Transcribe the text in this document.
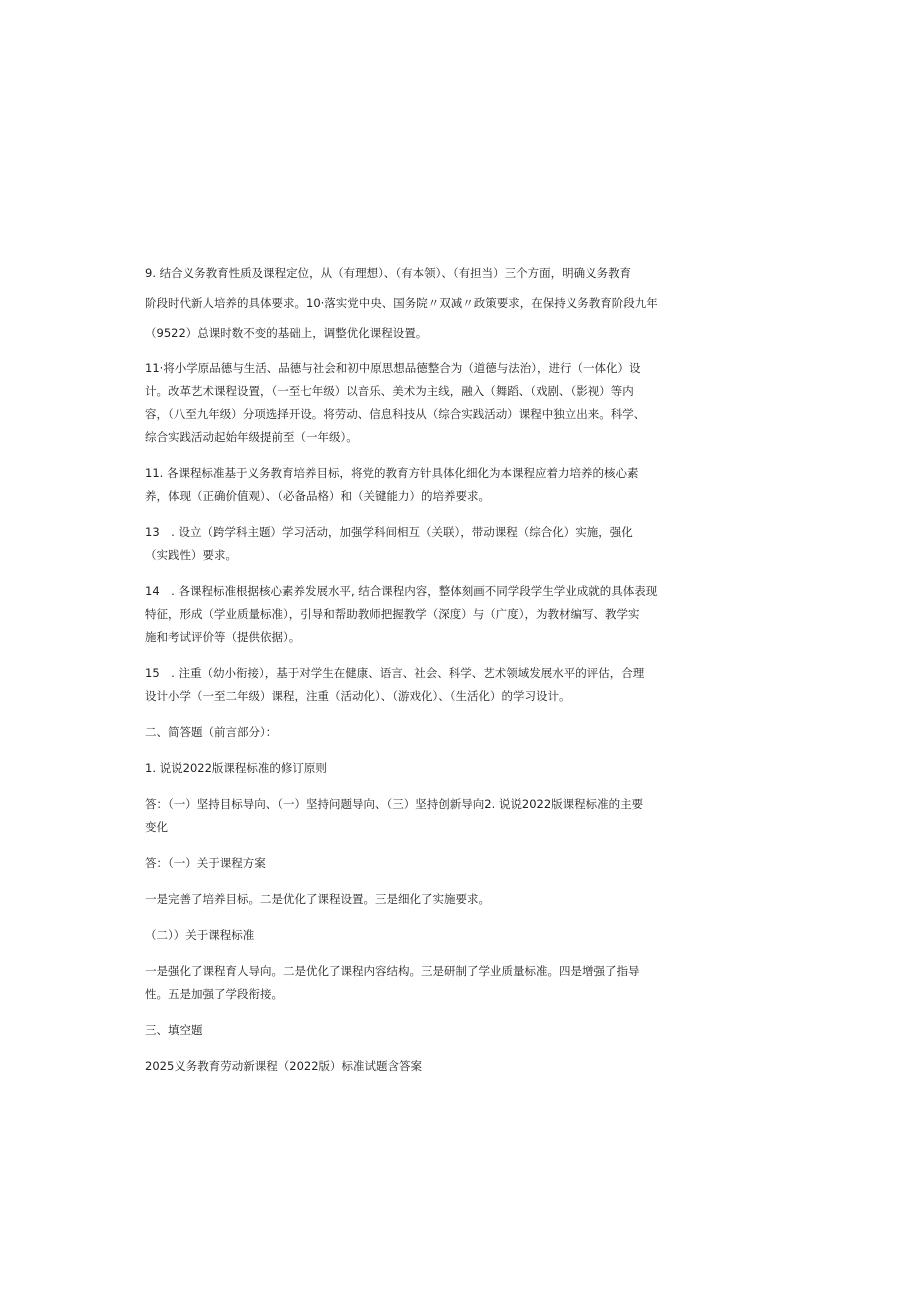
9. 结合义务教育性质及课程定位，从（有理想）、（有本领）、（有担当）三个方面，明确义务教育
阶段时代新人培养的具体要求。10·落实党中央、国务院〃双减〃政策要求，在保持义务教育阶段九年
（9522）总课时数不变的基础上，调整优化课程设置。
11·将小学原品德与生活、品德与社会和初中原思想品德整合为（道德与法治），进行（一体化）设
计。改革艺术课程设置，（一至七年级）以音乐、美术为主线，融入（舞蹈、（戏剧、（影视）等内
容，（八至九年级）分项选择开设。将劳动、信息科技从（综合实践活动）课程中独立出来。科学、
综合实践活动起始年级提前至（一年级）。
11. 各课程标准基于义务教育培养目标，将党的教育方针具体化细化为本课程应着力培养的核心素
养，体现（正确价值观）、（必备品格）和（关键能力）的培养要求。
13　. 设立（跨学科主题）学习活动，加强学科间相互（关联），带动课程（综合化）实施，强化
（实践性）要求。
14　. 各课程标准根据核心素养发展水平, 结合课程内容，整体刻画不同学段学生学业成就的具体表现
特征，形成（学业质量标准），引导和帮助教师把握教学（深度）与（广度），为教材编写、教学实
施和考试评价等（提供依据）。
15　. 注重（幼小衔接），基于对学生在健康、语言、社会、科学、艺术领域发展水平的评估，合理
设计小学（一至二年级）课程，注重（活动化）、（游戏化）、（生活化）的学习设计。
二、简答题（前言部分）：
1. 说说2022版课程标准的修订原则
答：（一）坚持目标导向、（一）坚持问题导向、（三）坚持创新导向2. 说说2022版课程标准的主要
变化
答：（一）关于课程方案
一是完善了培养目标。二是优化了课程设置。三是细化了实施要求。
（二））关于课程标准
一是强化了课程育人导向。二是优化了课程内容结构。三是研制了学业质量标准。四是增强了指导
性。五是加强了学段衔接。
三、填空题
2025义务教育劳动新课程（2022版）标准试题含答案
